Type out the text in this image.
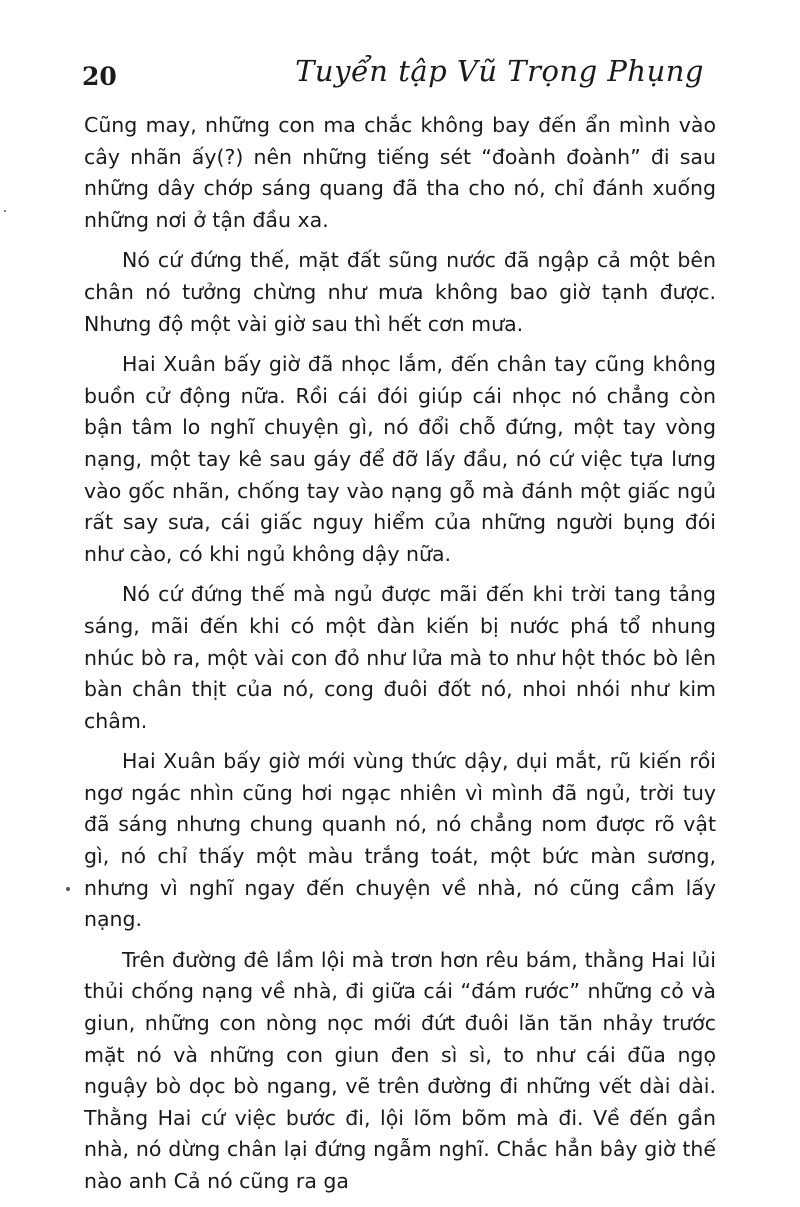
20	Tuyển tập Vũ Trọng Phụng

Cũng may, những con ma chắc không bay đến ẩn mình vào cây nhãn ấy(?) nên những tiếng sét “đoành đoành” đi sau những dây chớp sáng quang đã tha cho nó, chỉ đánh xuống những nơi ở tận đầu xa.

Nó cứ đứng thế, mặt đất sũng nước đã ngập cả một bên chân nó tưởng chừng như mưa không bao giờ tạnh được. Nhưng độ một vài giờ sau thì hết cơn mưa.

Hai Xuân bấy giờ đã nhọc lắm, đến chân tay cũng không buồn cử động nữa. Rồi cái đói giúp cái nhọc nó chẳng còn bận tâm lo nghĩ chuyện gì, nó đổi chỗ đứng, một tay vòng nạng, một tay kê sau gáy để đỡ lấy đầu, nó cứ việc tựa lưng vào gốc nhãn, chống tay vào nạng gỗ mà đánh một giấc ngủ rất say sưa, cái giấc nguy hiểm của những người bụng đói như cào, có khi ngủ không dậy nữa.

Nó cứ đứng thế mà ngủ được mãi đến khi trời tang tảng sáng, mãi đến khi có một đàn kiến bị nước phá tổ nhung nhúc bò ra, một vài con đỏ như lửa mà to như hột thóc bò lên bàn chân thịt của nó, cong đuôi đốt nó, nhoi nhói như kim châm.

Hai Xuân bấy giờ mới vùng thức dậy, dụi mắt, rũ kiến rồi ngơ ngác nhìn cũng hơi ngạc nhiên vì mình đã ngủ, trời tuy đã sáng nhưng chung quanh nó, nó chẳng nom được rõ vật gì, nó chỉ thấy một màu trắng toát, một bức màn sương, nhưng vì nghĩ ngay đến chuyện về nhà, nó cũng cầm lấy nạng.

Trên đường đê lầm lội mà trơn hơn rêu bám, thằng Hai lủi thủi chống nạng về nhà, đi giữa cái “đám rước” những cỏ và giun, những con nòng nọc mới đứt đuôi lăn tăn nhảy trước mặt nó và những con giun đen sì sì, to như cái đũa ngọ nguậy bò dọc bò ngang, vẽ trên đường đi những vết dài dài. Thằng Hai cứ việc bước đi, lội lõm bõm mà đi. Về đến gần nhà, nó dừng chân lại đứng ngẫm nghĩ. Chắc hẳn bây giờ thế nào anh Cả nó cũng ra ga
